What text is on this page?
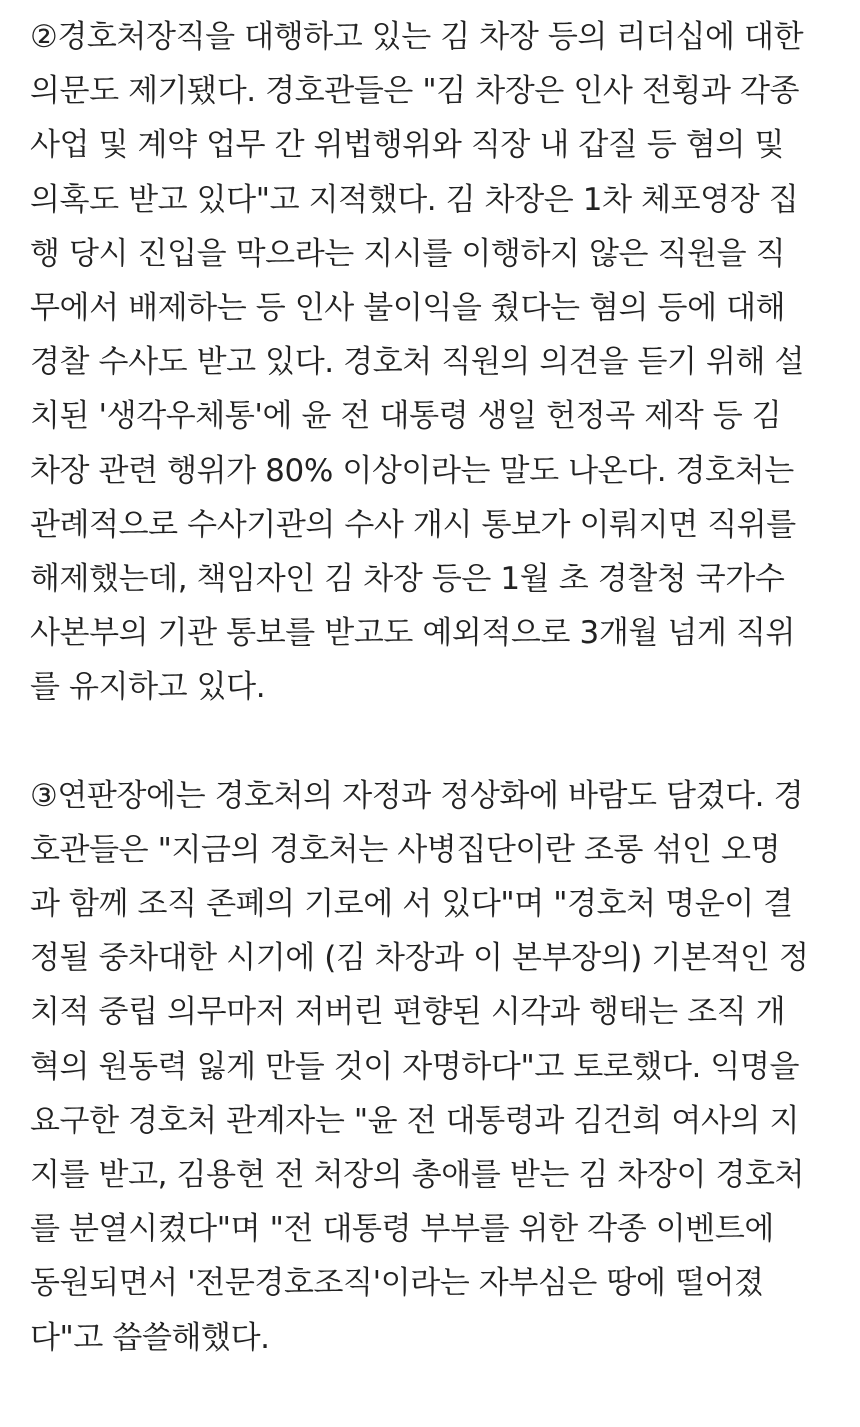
②경호처장직을 대행하고 있는 김 차장 등의 리더십에 대한
의문도 제기됐다. 경호관들은 "김 차장은 인사 전횡과 각종
사업 및 계약 업무 간 위법행위와 직장 내 갑질 등 혐의 및
의혹도 받고 있다"고 지적했다. 김 차장은 1차 체포영장 집
행 당시 진입을 막으라는 지시를 이행하지 않은 직원을 직
무에서 배제하는 등 인사 불이익을 줬다는 혐의 등에 대해
경찰 수사도 받고 있다. 경호처 직원의 의견을 듣기 위해 설
치된 '생각우체통'에 윤 전 대통령 생일 헌정곡 제작 등 김
차장 관련 행위가 80% 이상이라는 말도 나온다. 경호처는
관례적으로 수사기관의 수사 개시 통보가 이뤄지면 직위를
해제했는데, 책임자인 김 차장 등은 1월 초 경찰청 국가수
사본부의 기관 통보를 받고도 예외적으로 3개월 넘게 직위
를 유지하고 있다.
③연판장에는 경호처의 자정과 정상화에 바람도 담겼다. 경
호관들은 "지금의 경호처는 사병집단이란 조롱 섞인 오명
과 함께 조직 존폐의 기로에 서 있다"며 "경호처 명운이 결
정될 중차대한 시기에 (김 차장과 이 본부장의) 기본적인 정
치적 중립 의무마저 저버린 편향된 시각과 행태는 조직 개
혁의 원동력 잃게 만들 것이 자명하다"고 토로했다. 익명을
요구한 경호처 관계자는 "윤 전 대통령과 김건희 여사의 지
지를 받고, 김용현 전 처장의 총애를 받는 김 차장이 경호처
를 분열시켰다"며 "전 대통령 부부를 위한 각종 이벤트에
동원되면서 '전문경호조직'이라는 자부심은 땅에 떨어졌
다"고 씁쓸해했다.
